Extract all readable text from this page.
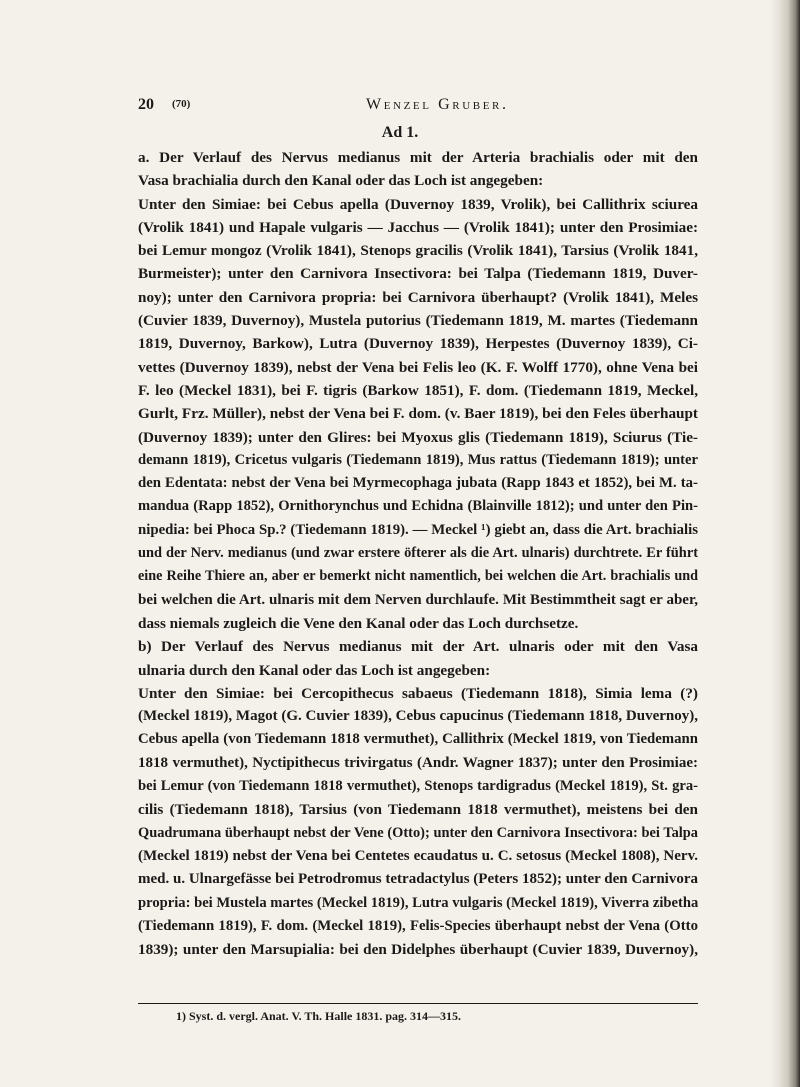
20 (70)	Wenzel Gruber.
Ad 1.

a. Der Verlauf des Nervus medianus mit der Arteria brachialis oder mit den

Vasa brachialia durch den Kanal oder das Loch ist angegeben:

Unter den Simiae: bei Cebus apella (Duvernoy 1839, Vrolik), bei Callithrix sciurea

(Vrolik 1841) und Hapale vulgaris — Jacchus — (Vrolik 1841); unter den Prosimiae:

bei Lemur mongoz (Vrolik 1841), Stenops gracilis (Vrolik 1841), Tarsius (Vrolik 1841,

Burmeister); unter den Carnivora Insectivora: bei Talpa (Tiedemann 1819, Duver-

noy); unter den Carnivora propria: bei Carnivora überhaupt? (Vrolik 1841), Meles

(Cuvier 1839, Duvernoy), Mustela putorius (Tiedemann 1819, M. martes (Tiedemann

1819, Duvernoy, Barkow), Lutra (Duvernoy 1839), Herpestes (Duvernoy 1839), Ci-

vettes (Duvernoy 1839), nebst der Vena bei Felis leo (K. F. Wolff 1770), ohne Vena bei

F. leo (Meckel 1831), bei F. tigris (Barkow 1851), F. dom. (Tiedemann 1819, Meckel,

Gurlt, Frz. Müller), nebst der Vena bei F. dom. (v. Baer 1819), bei den Feles überhaupt

(Duvernoy 1839); unter den Glires: bei Myoxus glis (Tiedemann 1819), Sciurus (Tie-

demann 1819), Cricetus vulgaris (Tiedemann 1819), Mus rattus (Tiedemann 1819); unter

den Edentata: nebst der Vena bei Myrmecophaga jubata (Rapp 1843 et 1852), bei M. ta-

mandua (Rapp 1852), Ornithorynchus und Echidna (Blainville 1812); und unter den Pin-

nipedia: bei Phoca Sp.? (Tiedemann 1819). — Meckel ¹) giebt an, dass die Art. brachialis

und der Nerv. medianus (und zwar erstere öfterer als die Art. ulnaris) durchtrete. Er führt

eine Reihe Thiere an, aber er bemerkt nicht namentlich, bei welchen die Art. brachialis und

bei welchen die Art. ulnaris mit dem Nerven durchlaufe. Mit Bestimmtheit sagt er aber,

dass niemals zugleich die Vene den Kanal oder das Loch durchsetze.

b) Der Verlauf des Nervus medianus mit der Art. ulnaris oder mit den Vasa

ulnaria durch den Kanal oder das Loch ist angegeben:

Unter den Simiae: bei Cercopithecus sabaeus (Tiedemann 1818), Simia lema (?)

(Meckel 1819), Magot (G. Cuvier 1839), Cebus capucinus (Tiedemann 1818, Duvernoy),

Cebus apella (von Tiedemann 1818 vermuthet), Callithrix (Meckel 1819, von Tiedemann

1818 vermuthet), Nyctipithecus trivirgatus (Andr. Wagner 1837); unter den Prosimiae:

bei Lemur (von Tiedemann 1818 vermuthet), Stenops tardigradus (Meckel 1819), St. gra-

cilis (Tiedemann 1818), Tarsius (von Tiedemann 1818 vermuthet), meistens bei den

Quadrumana überhaupt nebst der Vene (Otto); unter den Carnivora Insectivora: bei Talpa

(Meckel 1819) nebst der Vena bei Centetes ecaudatus u. C. setosus (Meckel 1808), Nerv.

med. u. Ulnargefässe bei Petrodromus tetradactylus (Peters 1852); unter den Carnivora

propria: bei Mustela martes (Meckel 1819), Lutra vulgaris (Meckel 1819), Viverra zibetha

(Tiedemann 1819), F. dom. (Meckel 1819), Felis-Species überhaupt nebst der Vena (Otto

1839); unter den Marsupialia: bei den Didelphes überhaupt (Cuvier 1839, Duvernoy),

1) Syst. d. vergl. Anat. V. Th. Halle 1831. pag. 314—315.
